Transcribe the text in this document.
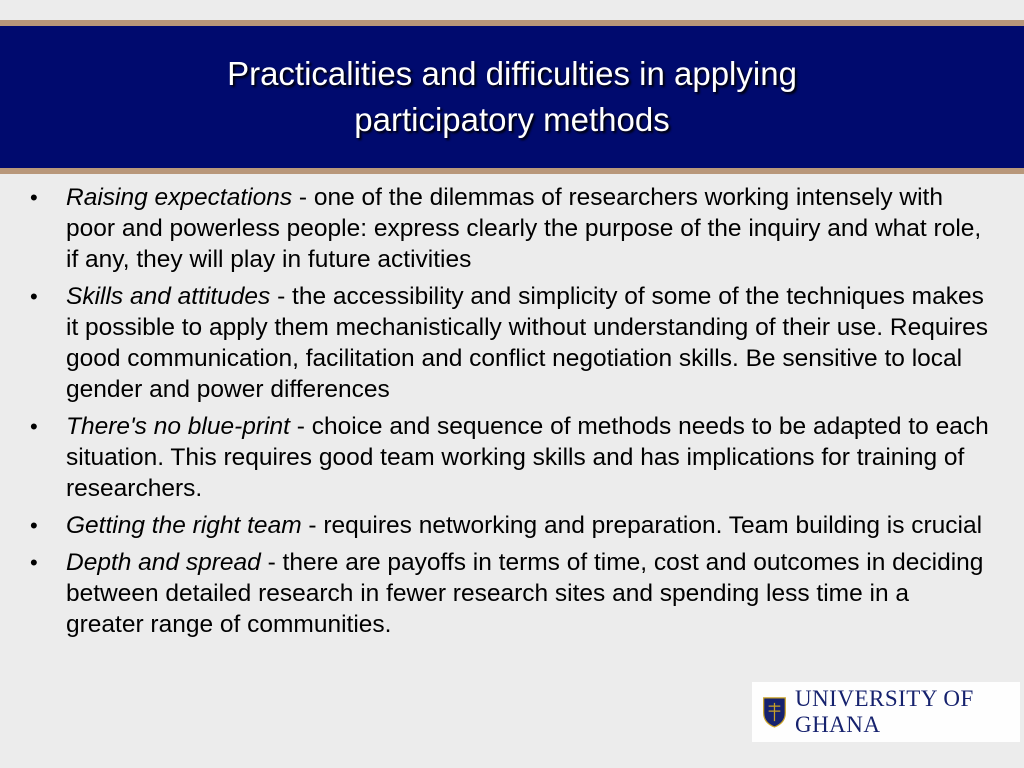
Practicalities and difficulties in applying
participatory methods
• Raising expectations - one of the dilemmas of researchers working intensely with poor and powerless people: express clearly the purpose of the inquiry and what role, if any, they will play in future activities
• Skills and attitudes - the accessibility and simplicity of some of the techniques makes it possible to apply them mechanistically without understanding of their use. Requires good communication, facilitation and conflict negotiation skills. Be sensitive to local gender and power differences
• There's no blue-print - choice and sequence of methods needs to be adapted to each situation. This requires good team working skills and has implications for training of researchers.
• Getting the right team - requires networking and preparation. Team building is crucial
• Depth and spread - there are payoffs in terms of time, cost and outcomes in deciding between detailed research in fewer research sites and spending less time in a greater range of communities.
UNIVERSITY OF GHANA
